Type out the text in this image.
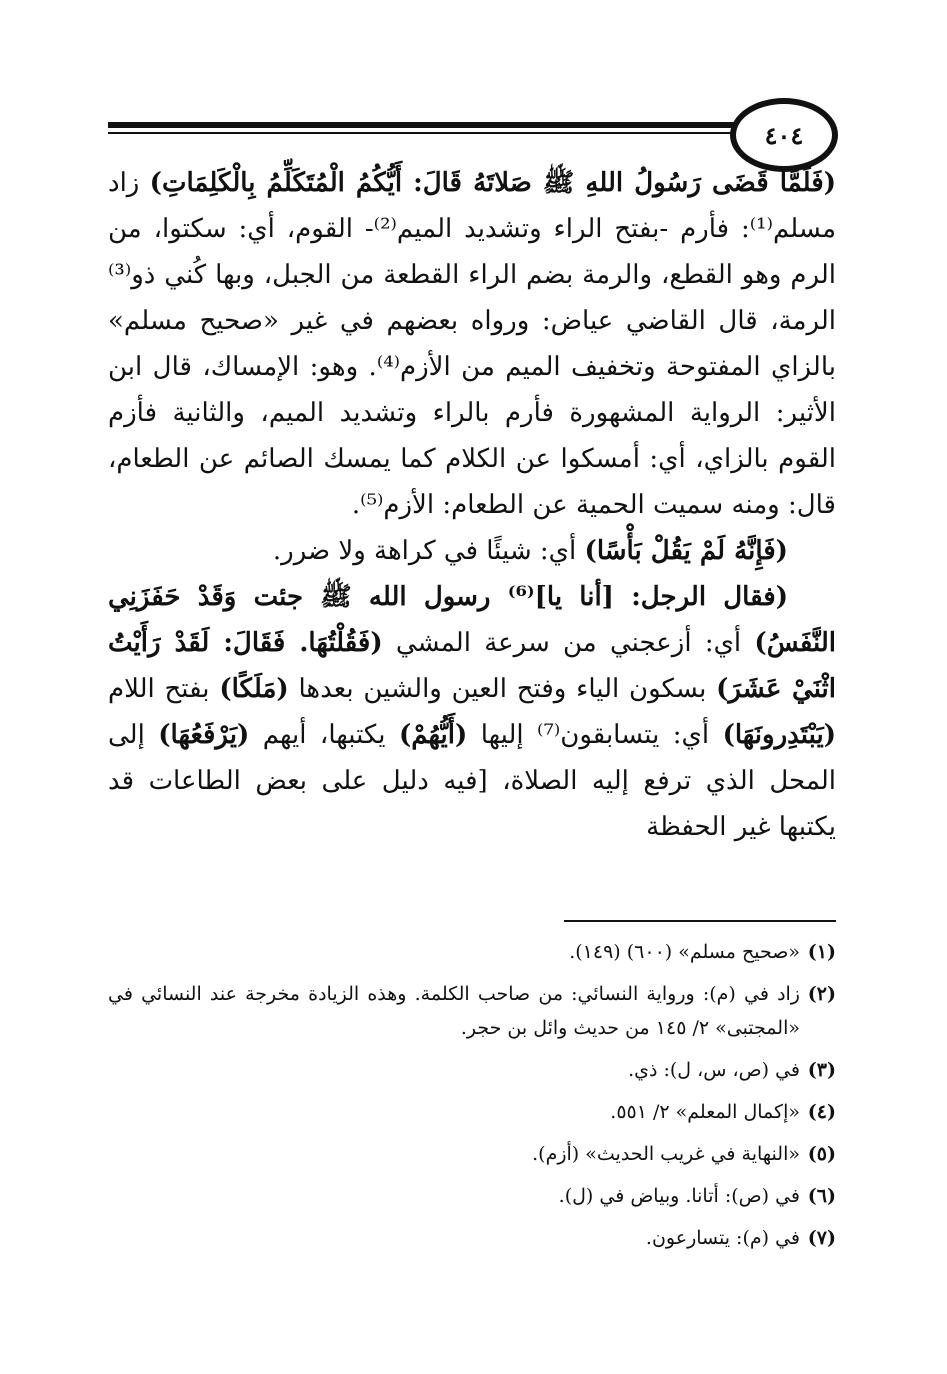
٤٠٤

(فَلَمَّا قَضَى رَسُولُ اللهِ ﷺ صَلاتَهُ قَالَ: أَيُّكُمُ الْمُتَكَلِّمُ بِالْكَلِمَاتِ) زاد مسلم⁽¹⁾: فأرم -بفتح الراء وتشديد الميم⁽²⁾- القوم، أي: سكتوا، من الرم وهو القطع، والرمة بضم الراء القطعة من الجبل، وبها كُني ذو⁽³⁾ الرمة، قال القاضي عياض: ورواه بعضهم في غير «صحيح مسلم» بالزاي المفتوحة وتخفيف الميم من الأزم⁽⁴⁾. وهو: الإمساك، قال ابن الأثير: الرواية المشهورة فأرم بالراء وتشديد الميم، والثانية فأزم القوم بالزاي، أي: أمسكوا عن الكلام كما يمسك الصائم عن الطعام، قال: ومنه سميت الحمية عن الطعام: الأزم⁽⁵⁾.

(فَإِنَّهُ لَمْ يَقُلْ بَأْسًا) أي: شيئًا في كراهة ولا ضرر.

(فقال الرجل: [أنا يا]⁽⁶⁾ رسول الله ﷺ جئت وَقَدْ حَفَزَنِي النَّفَسُ) أي: أزعجني من سرعة المشي (فَقُلْتُهَا. فَقَالَ: لَقَدْ رَأَيْتُ اثْنَيْ عَشَرَ) بسكون الياء وفتح العين والشين بعدها (مَلَكًا) بفتح اللام (يَبْتَدِرونَهَا) أي: يتسابقون⁽⁷⁾ إليها (أَيُّهُمْ) يكتبها، أيهم (يَرْفَعُهَا) إلى المحل الذي ترفع إليه الصلاة، [فيه دليل على بعض الطاعات قد يكتبها غير الحفظة

(١)
«صحيح مسلم» (٦٠٠) (١٤٩).
(٢)
زاد في (م): ورواية النسائي: من صاحب الكلمة. وهذه الزيادة مخرجة عند النسائي في «المجتبى» ٢/ ١٤٥ من حديث وائل بن حجر.
(٣)
في (ص، س، ل): ذي.
(٤)
«إكمال المعلم» ٢/ ٥٥١.
(٥)
«النهاية في غريب الحديث» (أزم).
(٦)
في (ص): أتانا. وبياض في (ل).
(٧)
في (م): يتسارعون.
